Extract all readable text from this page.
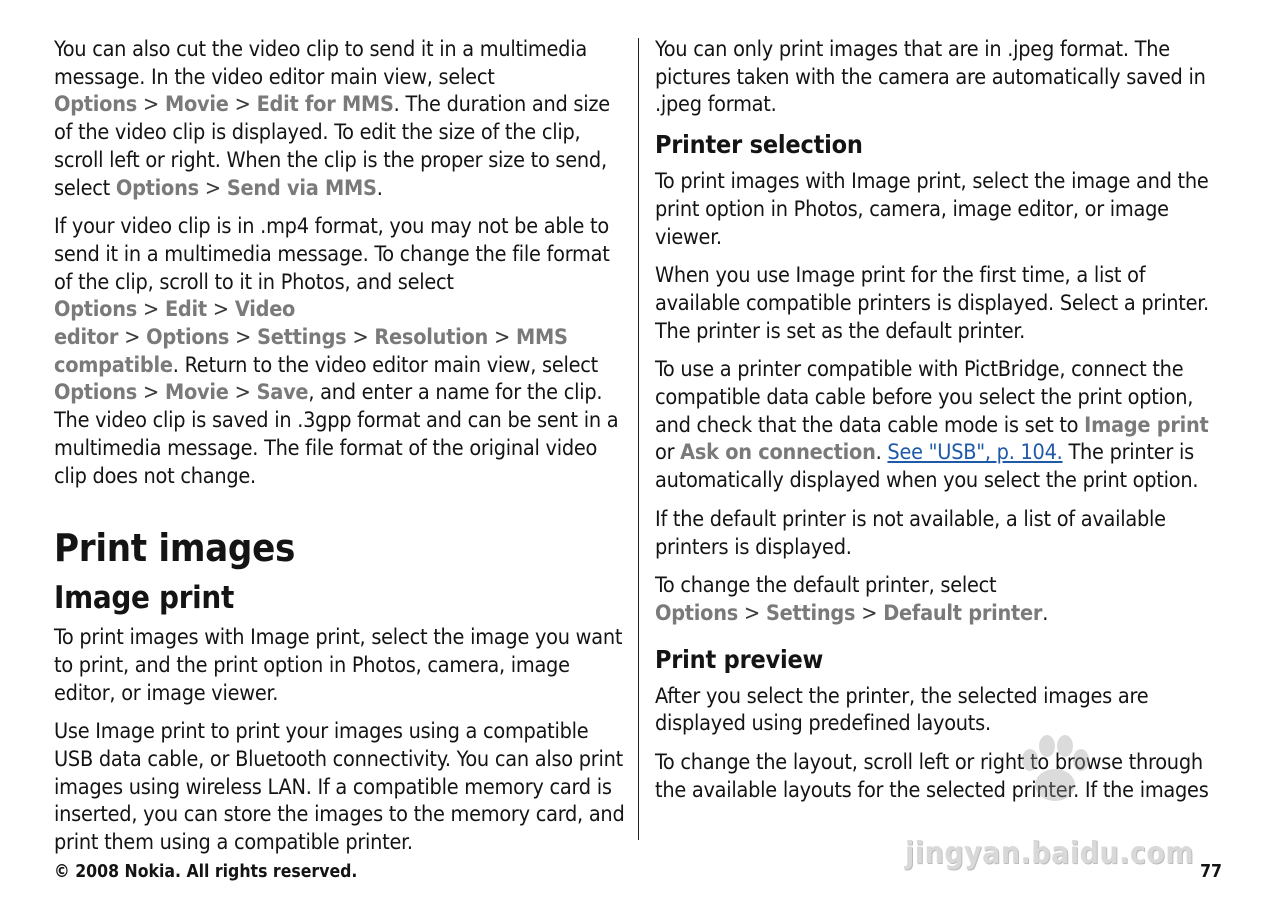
You can also cut the video clip to send it in a multimedia message. In the video editor main view, select Options > Movie > Edit for MMS. The duration and size of the video clip is displayed. To edit the size of the clip, scroll left or right. When the clip is the proper size to send, select Options > Send via MMS.

If your video clip is in .mp4 format, you may not be able to send it in a multimedia message. To change the file format of the clip, scroll to it in Photos, and select Options > Edit > Video editor > Options > Settings > Resolution > MMS compatible. Return to the video editor main view, select Options > Movie > Save, and enter a name for the clip. The video clip is saved in .3gpp format and can be sent in a multimedia message. The file format of the original video clip does not change.

Print images
Image print

To print images with Image print, select the image you want to print, and the print option in Photos, camera, image editor, or image viewer.

Use Image print to print your images using a compatible USB data cable, or Bluetooth connectivity. You can also print images using wireless LAN. If a compatible memory card is inserted, you can store the images to the memory card, and print them using a compatible printer.

You can only print images that are in .jpeg format. The pictures taken with the camera are automatically saved in .jpeg format.

Printer selection

To print images with Image print, select the image and the print option in Photos, camera, image editor, or image viewer.

When you use Image print for the first time, a list of available compatible printers is displayed. Select a printer. The printer is set as the default printer.

To use a printer compatible with PictBridge, connect the compatible data cable before you select the print option, and check that the data cable mode is set to Image print or Ask on connection. See "USB", p. 104. The printer is automatically displayed when you select the print option.

If the default printer is not available, a list of available printers is displayed.

To change the default printer, select Options > Settings > Default printer.

Print preview

After you select the printer, the selected images are displayed using predefined layouts.

To change the layout, scroll left or right to browse through the available layouts for the selected printer. If the images

jingyan.baidu.com
© 2008 Nokia. All rights reserved.	77
